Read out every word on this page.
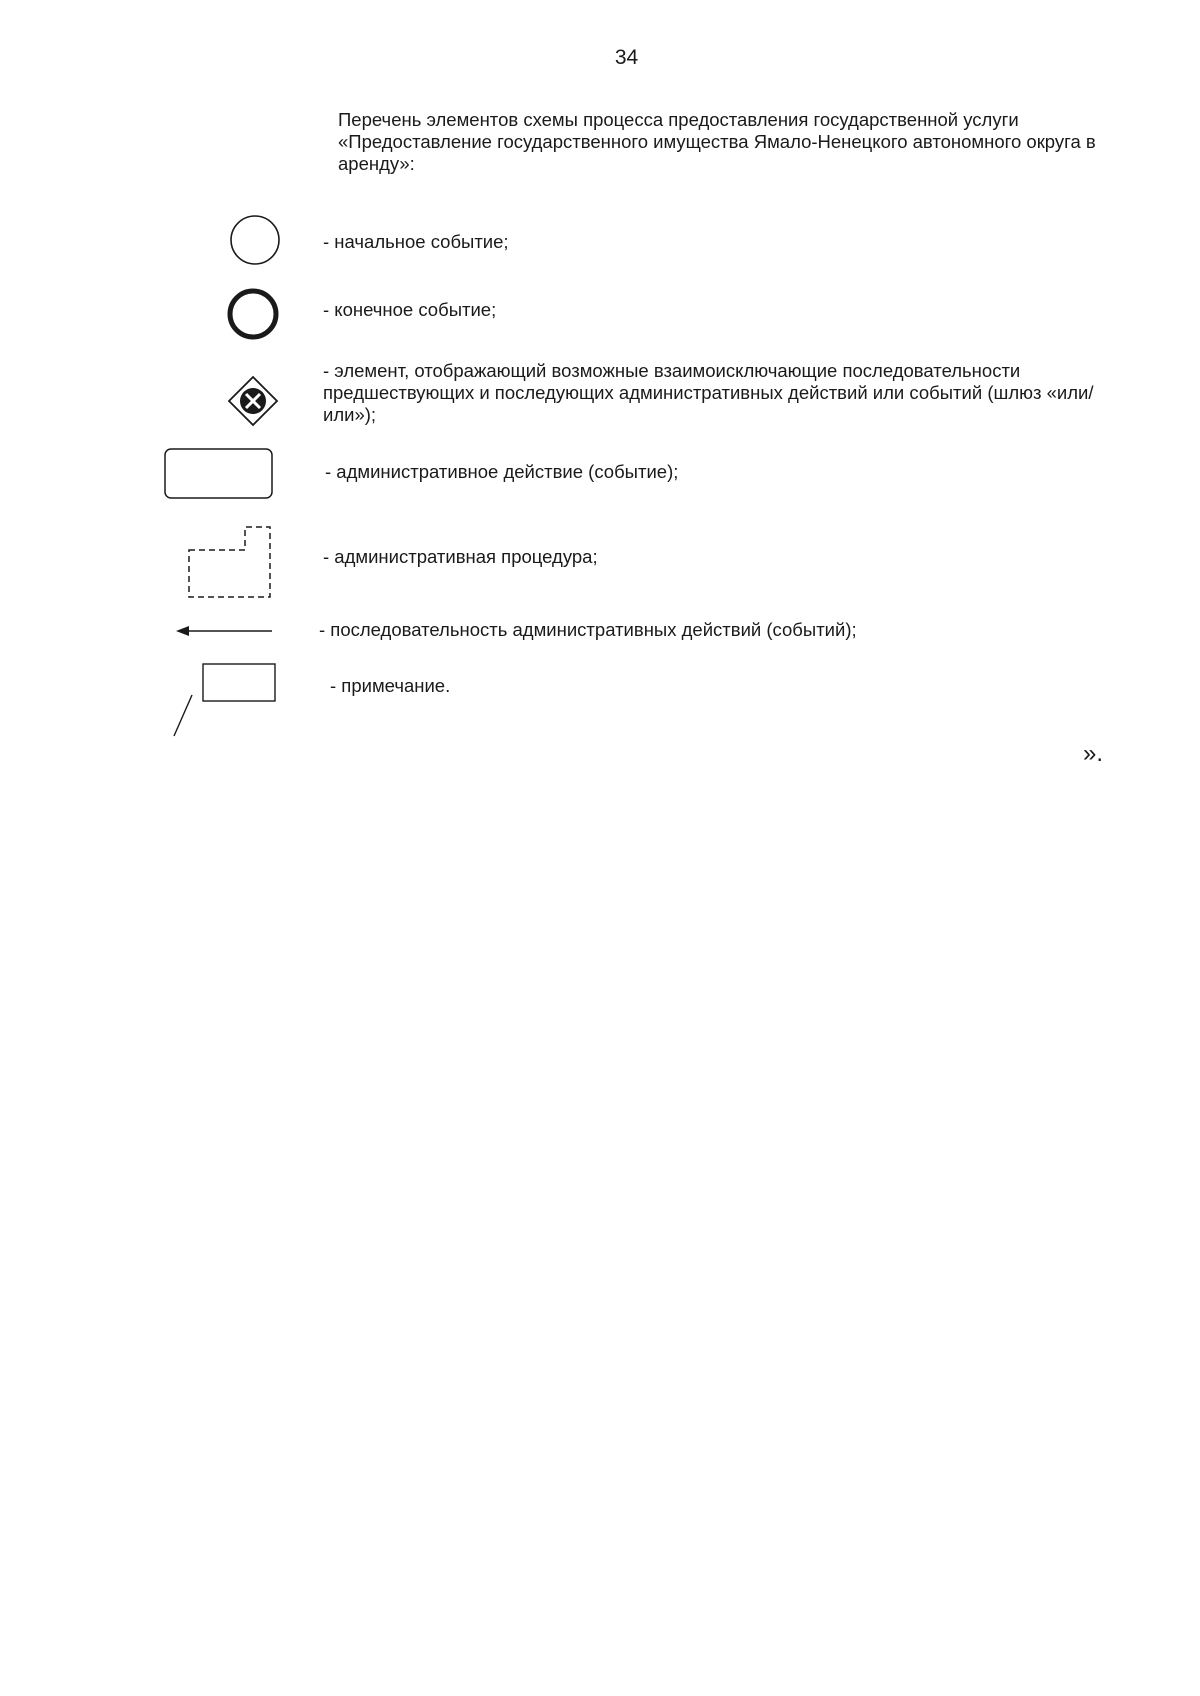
34
Перечень элементов схемы процесса предоставления государственной услуги «Предоставление государственного имущества Ямало-Ненецкого автономного округа в аренду»:
- начальное событие;
- конечное событие;
- элемент, отображающий возможные взаимоисключающие последовательности предшествующих и последующих административных действий или событий (шлюз «или/или»);
- административное действие (событие);
- административная процедура;
- последовательность административных действий (событий);
- примечание.
».
